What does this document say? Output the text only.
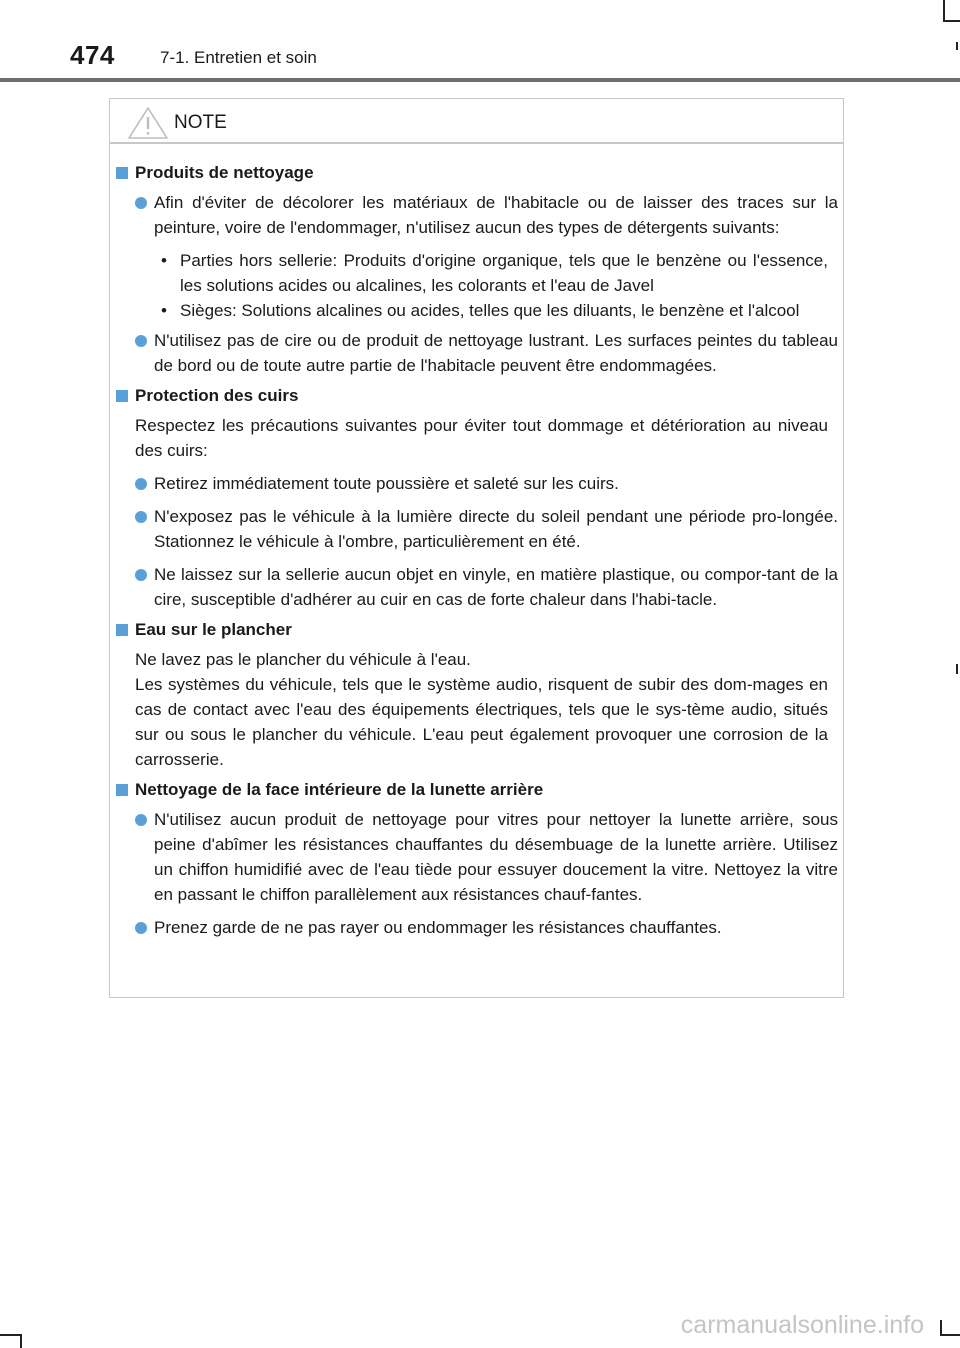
474	7-1. Entretien et soin
NOTE
Produits de nettoyage
Afin d'éviter de décolorer les matériaux de l'habitacle ou de laisser des traces sur la peinture, voire de l'endommager, n'utilisez aucun des types de détergents suivants:
• Parties hors sellerie: Produits d'origine organique, tels que le benzène ou l'essence, les solutions acides ou alcalines, les colorants et l'eau de Javel
• Sièges: Solutions alcalines ou acides, telles que les diluants, le benzène et l'alcool
N'utilisez pas de cire ou de produit de nettoyage lustrant. Les surfaces peintes du tableau de bord ou de toute autre partie de l'habitacle peuvent être endommagées.
Protection des cuirs
Respectez les précautions suivantes pour éviter tout dommage et détérioration au niveau des cuirs:
Retirez immédiatement toute poussière et saleté sur les cuirs.
N'exposez pas le véhicule à la lumière directe du soleil pendant une période pro-longée. Stationnez le véhicule à l'ombre, particulièrement en été.
Ne laissez sur la sellerie aucun objet en vinyle, en matière plastique, ou compor-tant de la cire, susceptible d'adhérer au cuir en cas de forte chaleur dans l'habi-tacle.
Eau sur le plancher
Ne lavez pas le plancher du véhicule à l'eau.
Les systèmes du véhicule, tels que le système audio, risquent de subir des dom-mages en cas de contact avec l'eau des équipements électriques, tels que le sys-tème audio, situés sur ou sous le plancher du véhicule. L'eau peut également provoquer une corrosion de la carrosserie.
Nettoyage de la face intérieure de la lunette arrière
N'utilisez aucun produit de nettoyage pour vitres pour nettoyer la lunette arrière, sous peine d'abîmer les résistances chauffantes du désembuage de la lunette arrière. Utilisez un chiffon humidifié avec de l'eau tiède pour essuyer doucement la vitre. Nettoyez la vitre en passant le chiffon parallèlement aux résistances chauf-fantes.
Prenez garde de ne pas rayer ou endommager les résistances chauffantes.
carmanualsonline.info
